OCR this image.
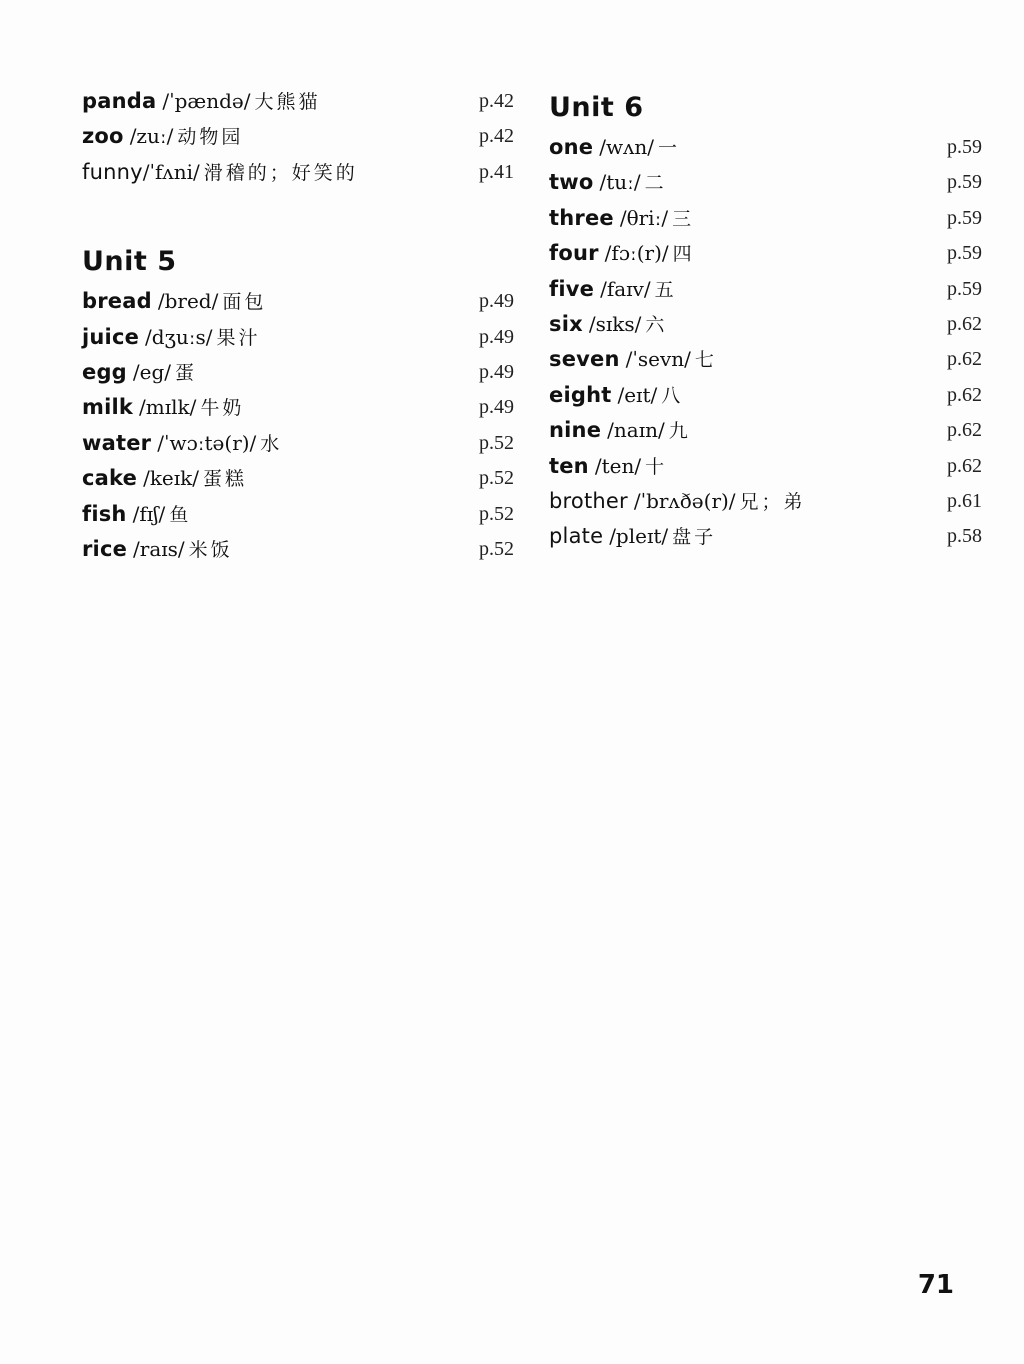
panda /ˈpændə/ 大熊猫	p.42
zoo /zuː/ 动物园	p.42
funny/ˈfʌni/ 滑稽的；好笑的	p.41
Unit 5
bread /bred/ 面包	p.49
juice /dʒuːs/ 果汁	p.49
egg /eg/ 蛋	p.49
milk /mɪlk/ 牛奶	p.49
water /ˈwɔːtə(r)/ 水	p.52
cake /keɪk/ 蛋糕	p.52
fish /fɪʃ/ 鱼	p.52
rice /raɪs/ 米饭	p.52
Unit 6
one /wʌn/ 一	p.59
two /tuː/ 二	p.59
three /θriː/ 三	p.59
four /fɔː(r)/ 四	p.59
five /faɪv/ 五	p.59
six /sɪks/ 六	p.62
seven /ˈsevn/ 七	p.62
eight /eɪt/ 八	p.62
nine /naɪn/ 九	p.62
ten /ten/ 十	p.62
brother /ˈbrʌðə(r)/ 兄；弟	p.61
plate /pleɪt/ 盘子	p.58
71
